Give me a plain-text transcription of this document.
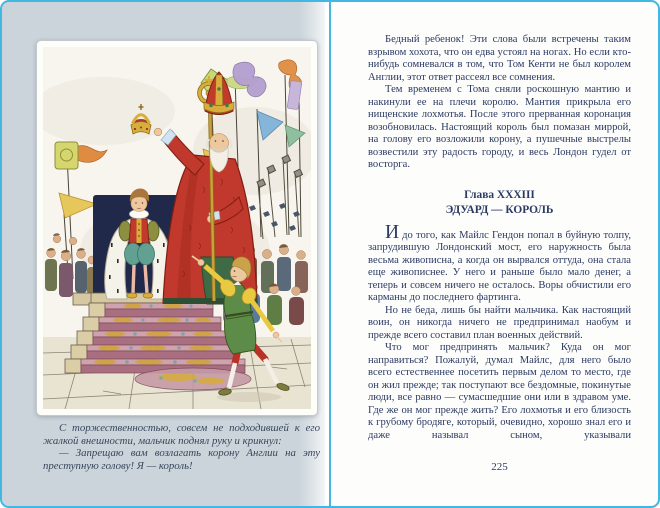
С торжественностью, совсем не подходившей к его жалкой внешности, мальчик поднял руку и крикнул:

— Запрещаю вам возлагать корону Англии на эту преступную голову! Я — король!

Бедный ребенок! Эти слова были встречены таким взрывом хохота, что он едва устоял на ногах. Но если кто-нибудь сомневался в том, что Том Кенти не был королем Англии, этот ответ рассеял все сомнения.

Тем временем с Тома сняли роскошную мантию и накинули ее на плечи королю. Мантия прикрыла его нищенские лохмотья. После этого прерванная коронация возобновилась. Настоящий король был помазан миррой, на голову его возложили корону, а пушечные выстрелы возвестили эту радость городу, и весь Лондон гудел от восторга.

Глава XXXIII
ЭДУАРД — КОРОЛЬ

Идо того, как Майлс Гендон попал в буйную толпу, запрудившую Лондонский мост, его наружность была весьма живописна, а когда он вырвался оттуда, она стала еще живописнее. У него и раньше было мало денег, а теперь и совсем ничего не осталось. Воры обчистили его карманы до последнего фартинга.

Но не беда, лишь бы найти мальчика. Как настоящий воин, он никогда ничего не предпринимал наобум и прежде всего составил план военных действий.

Что мог предпринять мальчик? Куда он мог направиться? Пожалуй, думал Майлс, для него было всего естественнее посетить первым делом то место, где он жил прежде; так поступают все бездомные, покинутые люди, все равно — сумасшедшие они или в здравом уме. Где же он мог прежде жить? Его лохмотья и его близость к грубому бродяге, который, очевидно, хорошо знал его и даже называл сыном, указывали

225
